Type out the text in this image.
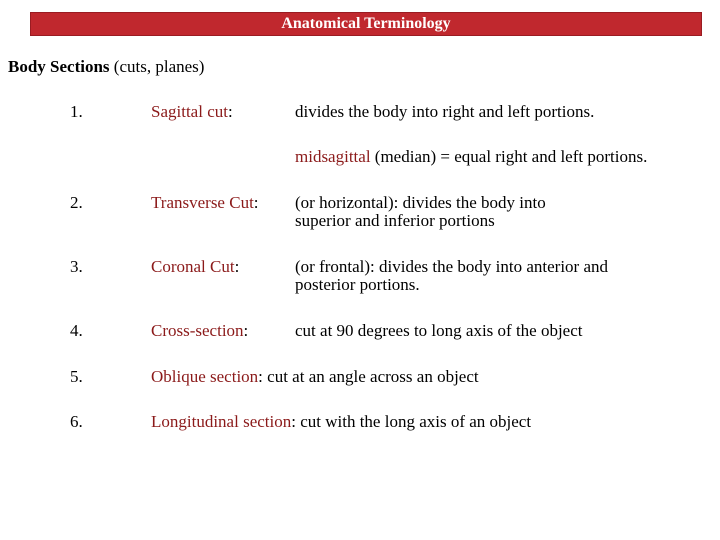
Anatomical Terminology
Body Sections (cuts, planes)
1.	Sagittal cut:	divides the body into right and left portions.
midsagittal (median) = equal right and left portions.
2.	Transverse Cut: (or horizontal): divides the body into
superior and inferior portions
3.	Coronal Cut:	(or frontal): divides the body into anterior and
posterior portions.
4.	Cross-section:	cut at 90 degrees to long axis of the object
5.	Oblique section: cut at an angle across an object
6.	Longitudinal section: cut with the long axis of an object
